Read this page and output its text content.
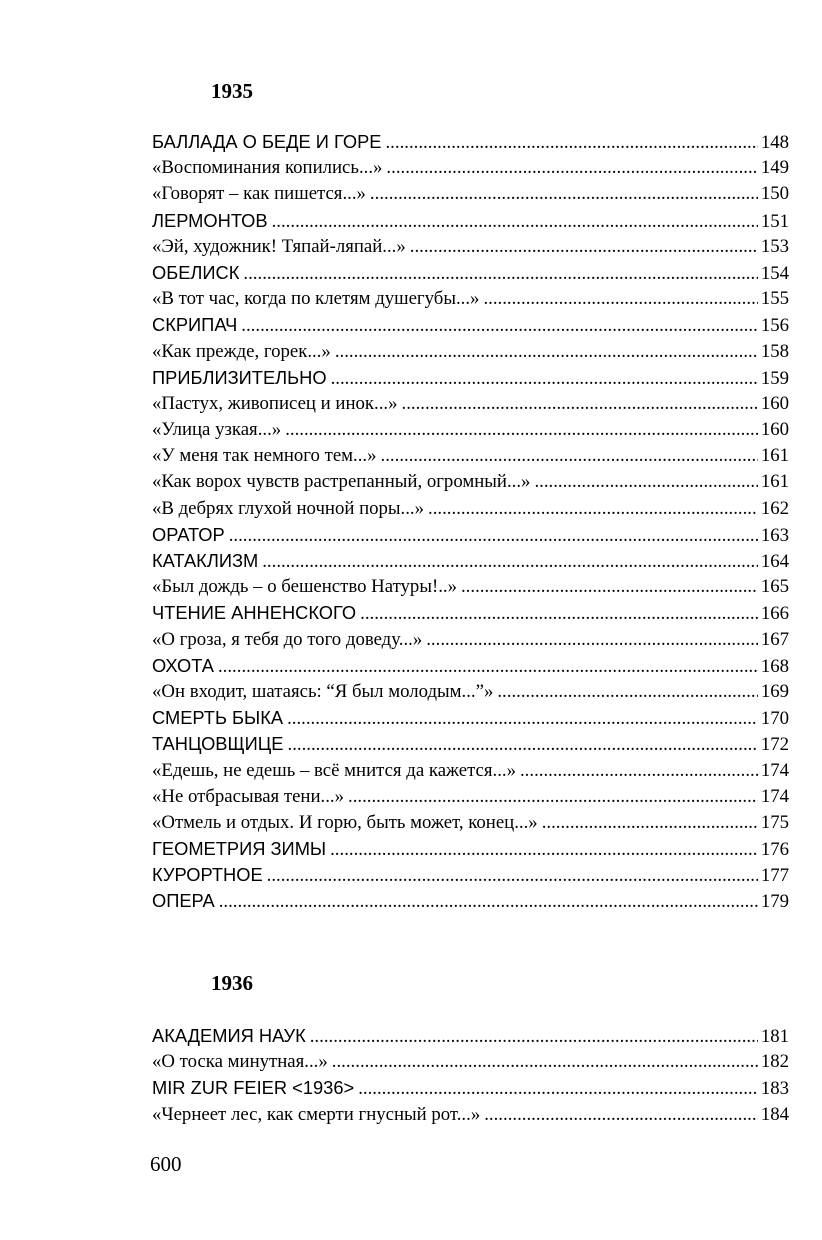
1935
БАЛЛАДА О БЕДЕ И ГОРЕ .....	148
«Воспоминания копились...» .....	149
«Говорят – как пишется...» .....	150
ЛЕРМОНТОВ .....	151
«Эй, художник! Тяпай-ляпай...» .....	153
ОБЕЛИСК .....	154
«В тот час, когда по клетям душегубы...» .....	155
СКРИПАЧ .....	156
«Как прежде, горек...» .....	158
ПРИБЛИЗИТЕЛЬНО .....	159
«Пастух, живописец и инок...» .....	160
«Улица узкая...» .....	160
«У меня так немного тем...» .....	161
«Как ворох чувств растрепанный, огромный...» .....	161
«В дебрях глухой ночной поры...» .....	162
ОРАТОР .....	163
КАТАКЛИЗМ .....	164
«Был дождь – о бешенство Натуры!..» .....	165
ЧТЕНИЕ АННЕНСКОГО .....	166
«О гроза, я тебя до того доведу...» .....	167
ОХОТА .....	168
«Он входит, шатаясь: “Я был молодым...”» .....	169
СМЕРТЬ БЫКА .....	170
ТАНЦОВЩИЦЕ .....	172
«Едешь, не едешь – всё мнится да кажется...» .....	174
«Не отбрасывая тени...» .....	174
«Отмель и отдых. И горю, быть может, конец...» .....	175
ГЕОМЕТРИЯ ЗИМЫ .....	176
КУРОРТНОЕ .....	177
ОПЕРА .....	179
1936
АКАДЕМИЯ НАУК .....	181
«О тоска минутная...» .....	182
MIR ZUR FEIER <1936> .....	183
«Чернеет лес, как смерти гнусный рот...» .....	184

600
